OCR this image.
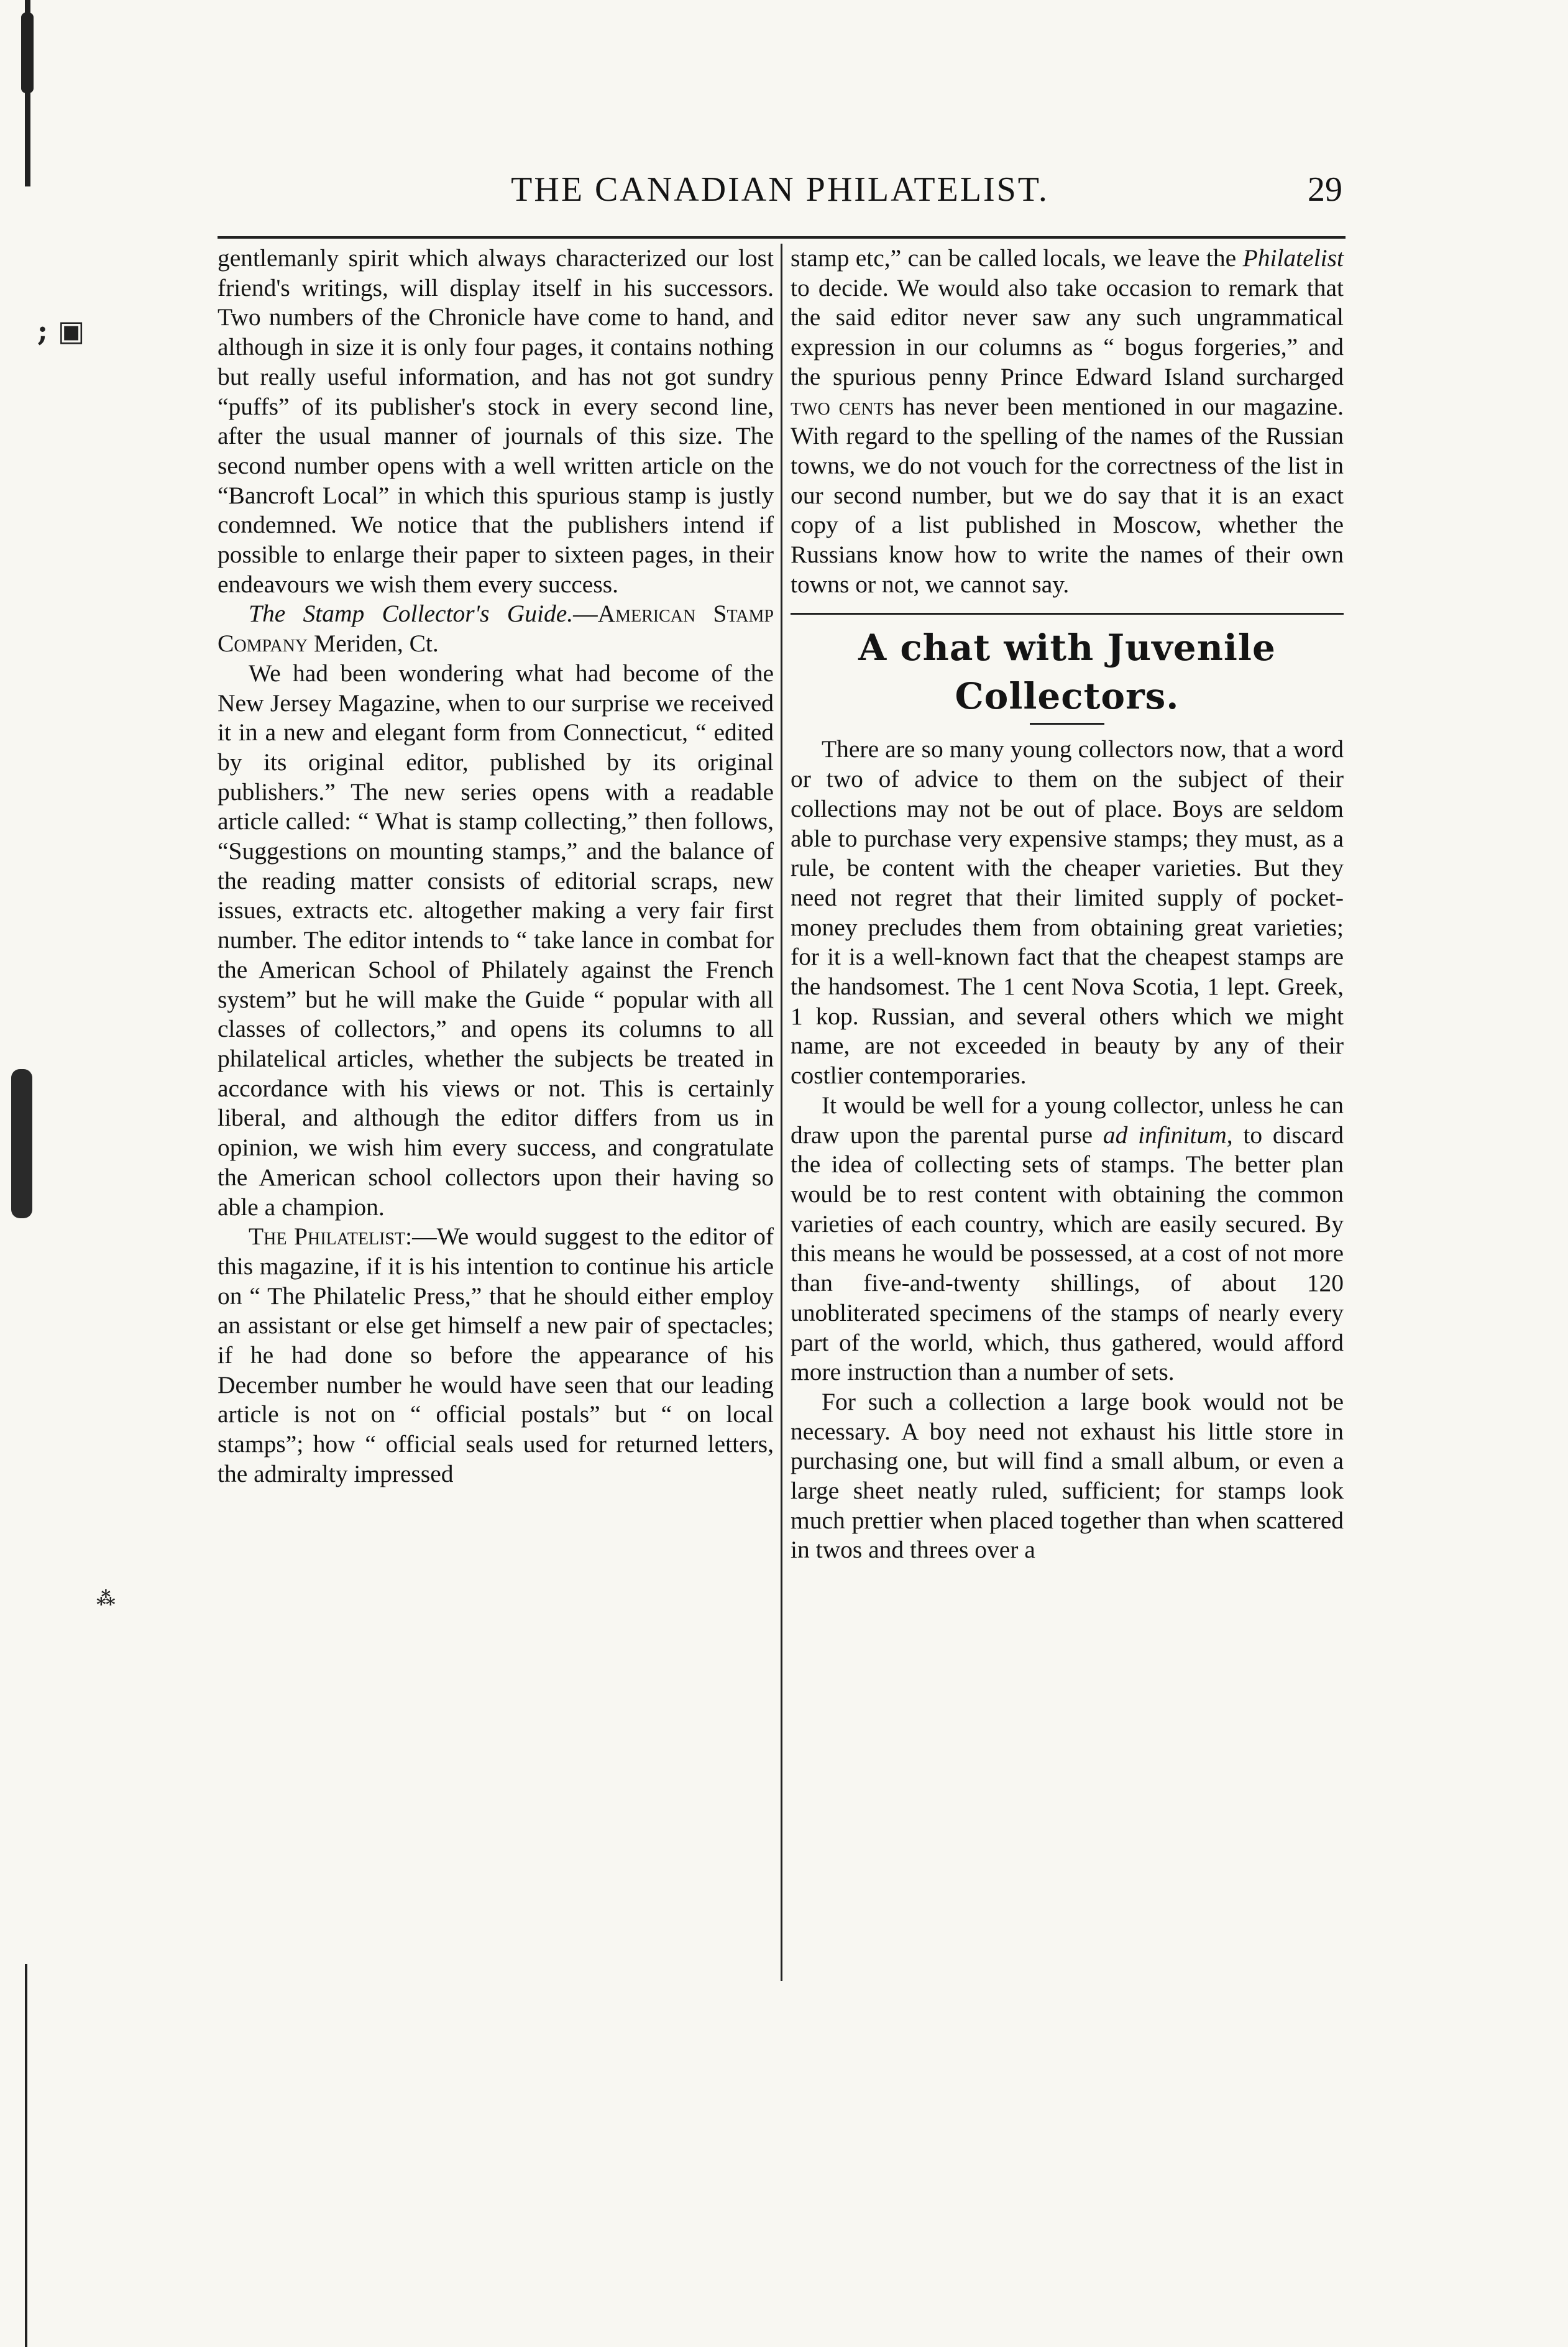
; ▣
⁂
THE CANADIAN PHILATELIST.	29

gentlemanly spirit which always characterized our lost friend's writings, will display itself in his successors. Two numbers of the Chronicle have come to hand, and although in size it is only four pages, it contains nothing but really useful information, and has not got sundry “puffs” of its publisher's stock in every second line, after the usual manner of journals of this size. The second number opens with a well written article on the “Bancroft Local” in which this spurious stamp is justly condemned. We notice that the publishers intend if possible to enlarge their paper to sixteen pages, in their endeavours we wish them every success.

The Stamp Collector's Guide.—American Stamp Company Meriden, Ct.

We had been wondering what had become of the New Jersey Magazine, when to our surprise we received it in a new and elegant form from Connecticut, “ edited by its original editor, published by its original publishers.” The new series opens with a readable article called: “ What is stamp collecting,” then follows, “Suggestions on mounting stamps,” and the balance of the reading matter consists of editorial scraps, new issues, extracts etc. altogether making a very fair first number. The editor intends to “ take lance in combat for the American School of Philately against the French system” but he will make the Guide “ popular with all classes of collectors,” and opens its columns to all philatelical articles, whether the subjects be treated in accordance with his views or not. This is certainly liberal, and although the editor differs from us in opinion, we wish him every success, and congratulate the American school collectors upon their having so able a champion.

The Philatelist:—We would suggest to the editor of this magazine, if it is his intention to continue his article on “ The Philatelic Press,” that he should either employ an assistant or else get himself a new pair of spectacles; if he had done so before the appearance of his December number he would have seen that our leading article is not on “ official postals” but “ on local stamps”; how “ official seals used for returned letters, the admiralty impressed

stamp etc,” can be called locals, we leave the Philatelist to decide. We would also take occasion to remark that the said editor never saw any such ungrammatical expression in our columns as “ bogus forgeries,” and the spurious penny Prince Edward Island surcharged two cents has never been mentioned in our magazine. With regard to the spelling of the names of the Russian towns, we do not vouch for the correctness of the list in our second number, but we do say that it is an exact copy of a list published in Moscow, whether the Russians know how to write the names of their own towns or not, we cannot say.

A chat with Juvenile Collectors.

There are so many young collectors now, that a word or two of advice to them on the subject of their collections may not be out of place. Boys are seldom able to purchase very expensive stamps; they must, as a rule, be content with the cheaper varieties. But they need not regret that their limited supply of pocket-money precludes them from obtaining great varieties; for it is a well-known fact that the cheapest stamps are the handsomest. The 1 cent Nova Scotia, 1 lept. Greek, 1 kop. Russian, and several others which we might name, are not exceeded in beauty by any of their costlier contemporaries.

It would be well for a young collector, unless he can draw upon the parental purse ad infinitum, to discard the idea of collecting sets of stamps. The better plan would be to rest content with obtaining the common varieties of each country, which are easily secured. By this means he would be possessed, at a cost of not more than five-and-twenty shillings, of about 120 unobliterated specimens of the stamps of nearly every part of the world, which, thus gathered, would afford more instruction than a number of sets.

For such a collection a large book would not be necessary. A boy need not exhaust his little store in purchasing one, but will find a small album, or even a large sheet neatly ruled, sufficient; for stamps look much prettier when placed together than when scattered in twos and threes over a
